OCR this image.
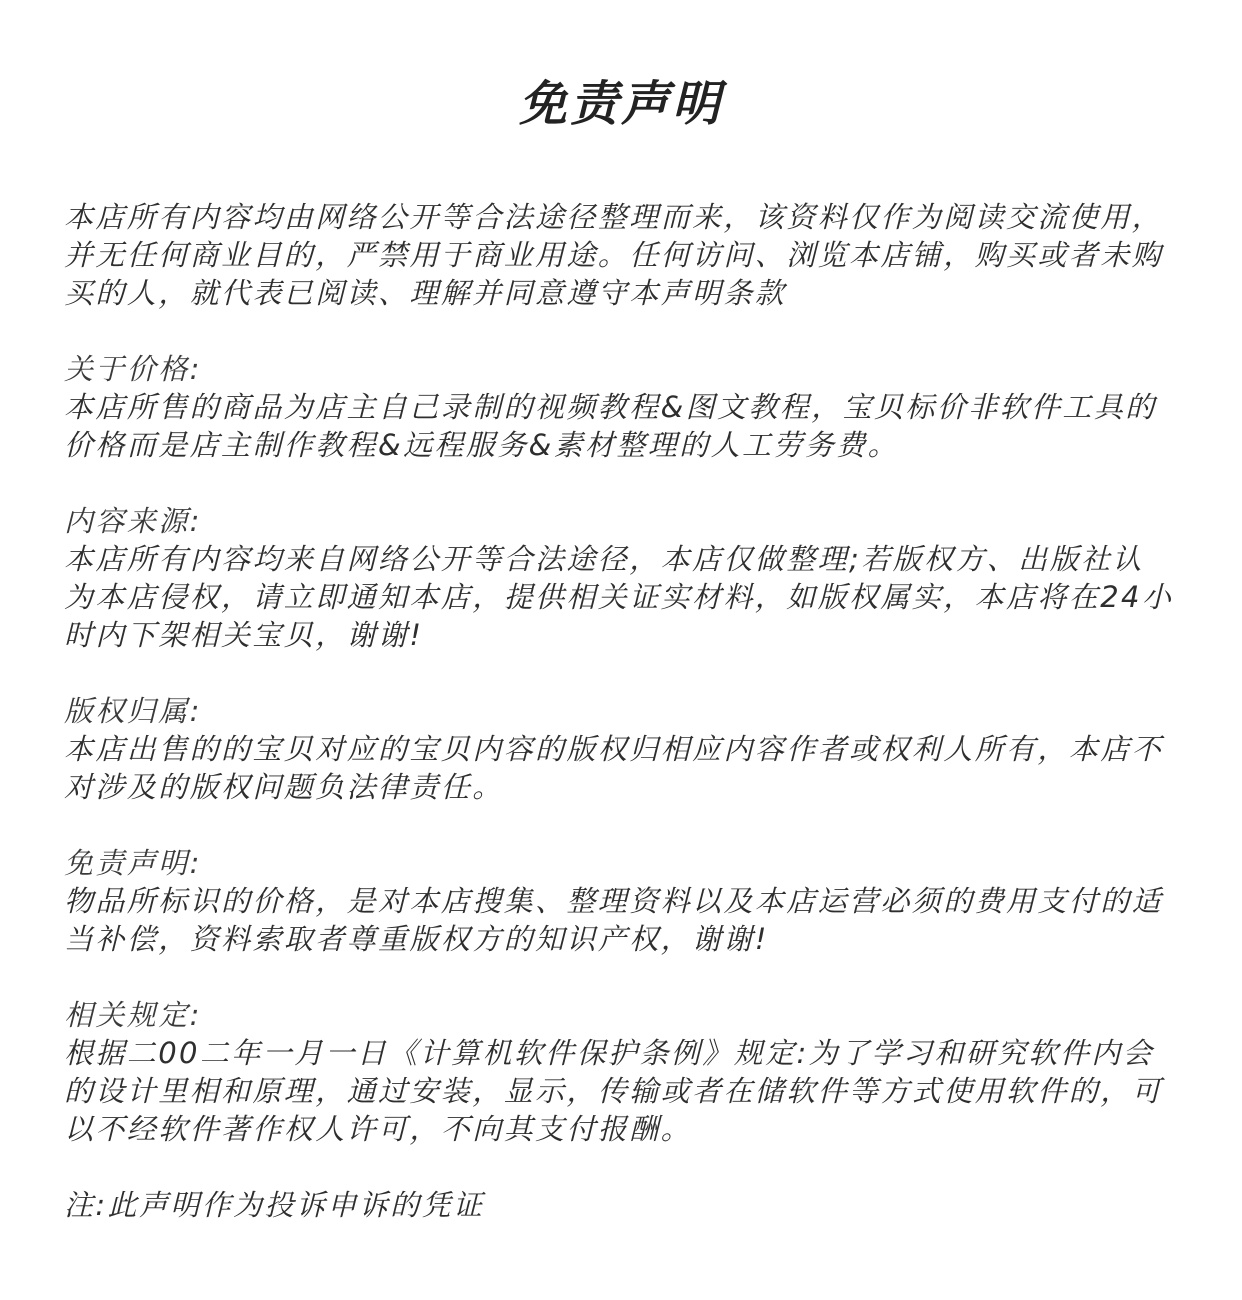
免责声明

本店所有内容均由网络公开等合法途径整理而来，该资料仅作为阅读交流使用，并无任何商业目的，严禁用于商业用途。任何访问、浏览本店铺，购买或者未购买的人，就代表已阅读、理解并同意遵守本声明条款

关于价格:

本店所售的商品为店主自己录制的视频教程&图文教程，宝贝标价非软件工具的价格而是店主制作教程&远程服务&素材整理的人工劳务费。

内容来源:

本店所有内容均来自网络公开等合法途径，本店仅做整理;若版权方、出版社认为本店侵权，请立即通知本店，提供相关证实材料，如版权属实，本店将在24小时内下架相关宝贝，谢谢!

版权归属:

本店出售的的宝贝对应的宝贝内容的版权归相应内容作者或权利人所有，本店不对涉及的版权问题负法律责任。

免责声明:

物品所标识的价格，是对本店搜集、整理资料以及本店运营必须的费用支付的适当补偿，资料索取者尊重版权方的知识产权，谢谢!

相关规定:

根据二00二年一月一日《计算机软件保护条例》规定:为了学习和研究软件内会的设计里相和原理，通过安装，显示，传输或者在储软件等方式使用软件的，可以不经软件著作权人许可，不向其支付报酬。

注:此声明作为投诉申诉的凭证
